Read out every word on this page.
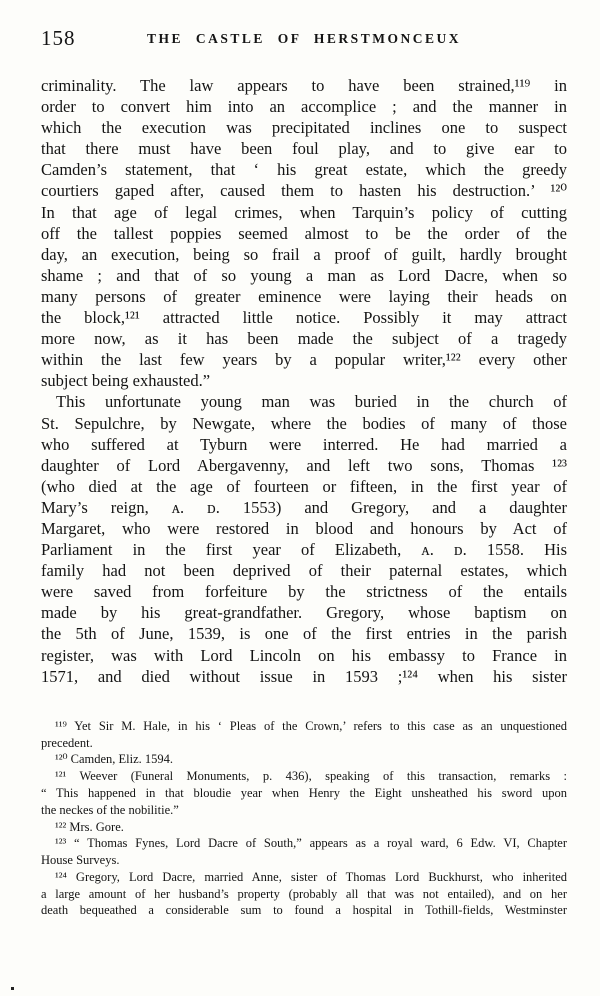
158	THE CASTLE OF HERSTMONCEUX
criminality. The law appears to have been strained,¹¹⁹ in
order to convert him into an accomplice ; and the manner in
which the execution was precipitated inclines one to suspect
that there must have been foul play, and to give ear to
Camden’s statement, that ‘ his great estate, which the greedy
courtiers gaped after, caused them to hasten his destruction.’ ¹²⁰
In that age of legal crimes, when Tarquin’s policy of cutting
off the tallest poppies seemed almost to be the order of the
day, an execution, being so frail a proof of guilt, hardly brought
shame ; and that of so young a man as Lord Dacre, when so
many persons of greater eminence were laying their heads on
the block,¹²¹ attracted little notice. Possibly it may attract
more now, as it has been made the subject of a tragedy
within the last few years by a popular writer,¹²² every other
subject being exhausted.”
This unfortunate young man was buried in the church of
St. Sepulchre, by Newgate, where the bodies of many of those
who suffered at Tyburn were interred. He had married a
daughter of Lord Abergavenny, and left two sons, Thomas ¹²³
(who died at the age of fourteen or fifteen, in the first year of
Mary’s reign, ᴀ. ᴅ. 1553) and Gregory, and a daughter
Margaret, who were restored in blood and honours by Act of
Parliament in the first year of Elizabeth, ᴀ. ᴅ. 1558. His
family had not been deprived of their paternal estates, which
were saved from forfeiture by the strictness of the entails
made by his great-grandfather. Gregory, whose baptism on
the 5th of June, 1539, is one of the first entries in the parish
register, was with Lord Lincoln on his embassy to France in
1571, and died without issue in 1593 ;¹²⁴ when his sister
¹¹⁹ Yet Sir M. Hale, in his ‘ Pleas of the Crown,’ refers to this case as an unquestioned
precedent.
¹²⁰ Camden, Eliz. 1594.
¹²¹ Weever (Funeral Monuments, p. 436), speaking of this transaction, remarks :
“ This happened in that bloudie year when Henry the Eight unsheathed his sword upon
the neckes of the nobilitie.”
¹²² Mrs. Gore.
¹²³ “ Thomas Fynes, Lord Dacre of South,” appears as a royal ward, 6 Edw. VI, Chapter
House Surveys.
¹²⁴ Gregory, Lord Dacre, married Anne, sister of Thomas Lord Buckhurst, who inherited
a large amount of her husband’s property (probably all that was not entailed), and on her
death bequeathed a considerable sum to found a hospital in Tothill-fields, Westminster
